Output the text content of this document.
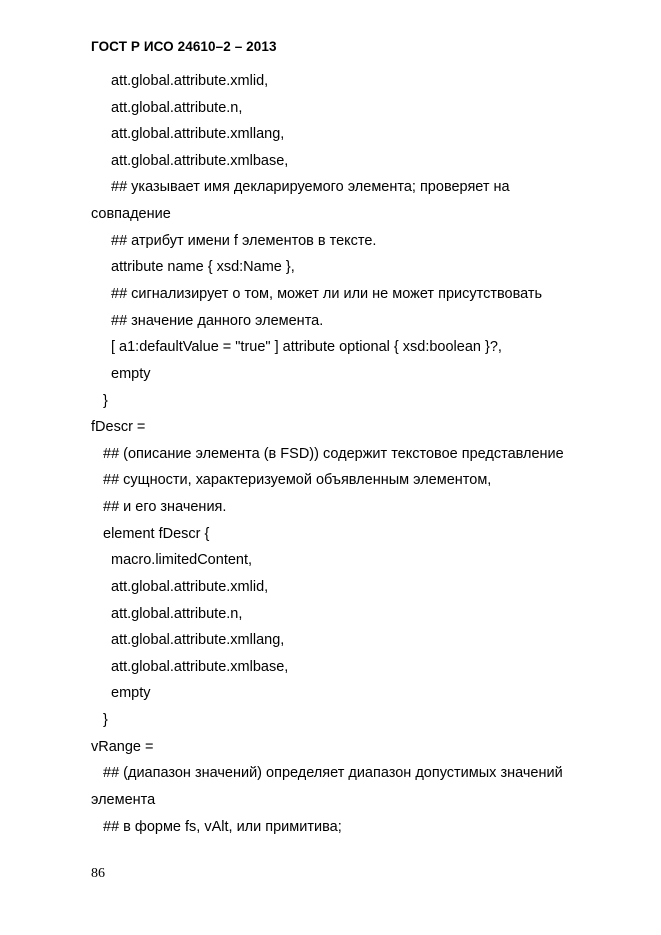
ГОСТ Р ИСО 24610–2 – 2013
att.global.attribute.xmlid,
att.global.attribute.n,
att.global.attribute.xmllang,
att.global.attribute.xmlbase,
## указывает имя декларируемого элемента; проверяет на
совпадение
## атрибут имени f элементов в тексте.
attribute name { xsd:Name },
## сигнализирует о том, может ли или не может присутствовать
## значение данного элемента.
[ a1:defaultValue = "true" ] attribute optional { xsd:boolean }?,
empty
}
fDescr =
## (описание элемента (в FSD)) содержит текстовое представление
## сущности, характеризуемой объявленным элементом,
## и его значения.
element fDescr {
macro.limitedContent,
att.global.attribute.xmlid,
att.global.attribute.n,
att.global.attribute.xmllang,
att.global.attribute.xmlbase,
empty
}
vRange =
## (диапазон значений) определяет диапазон допустимых значений
элемента
## в форме fs, vAlt, или примитива;
86
